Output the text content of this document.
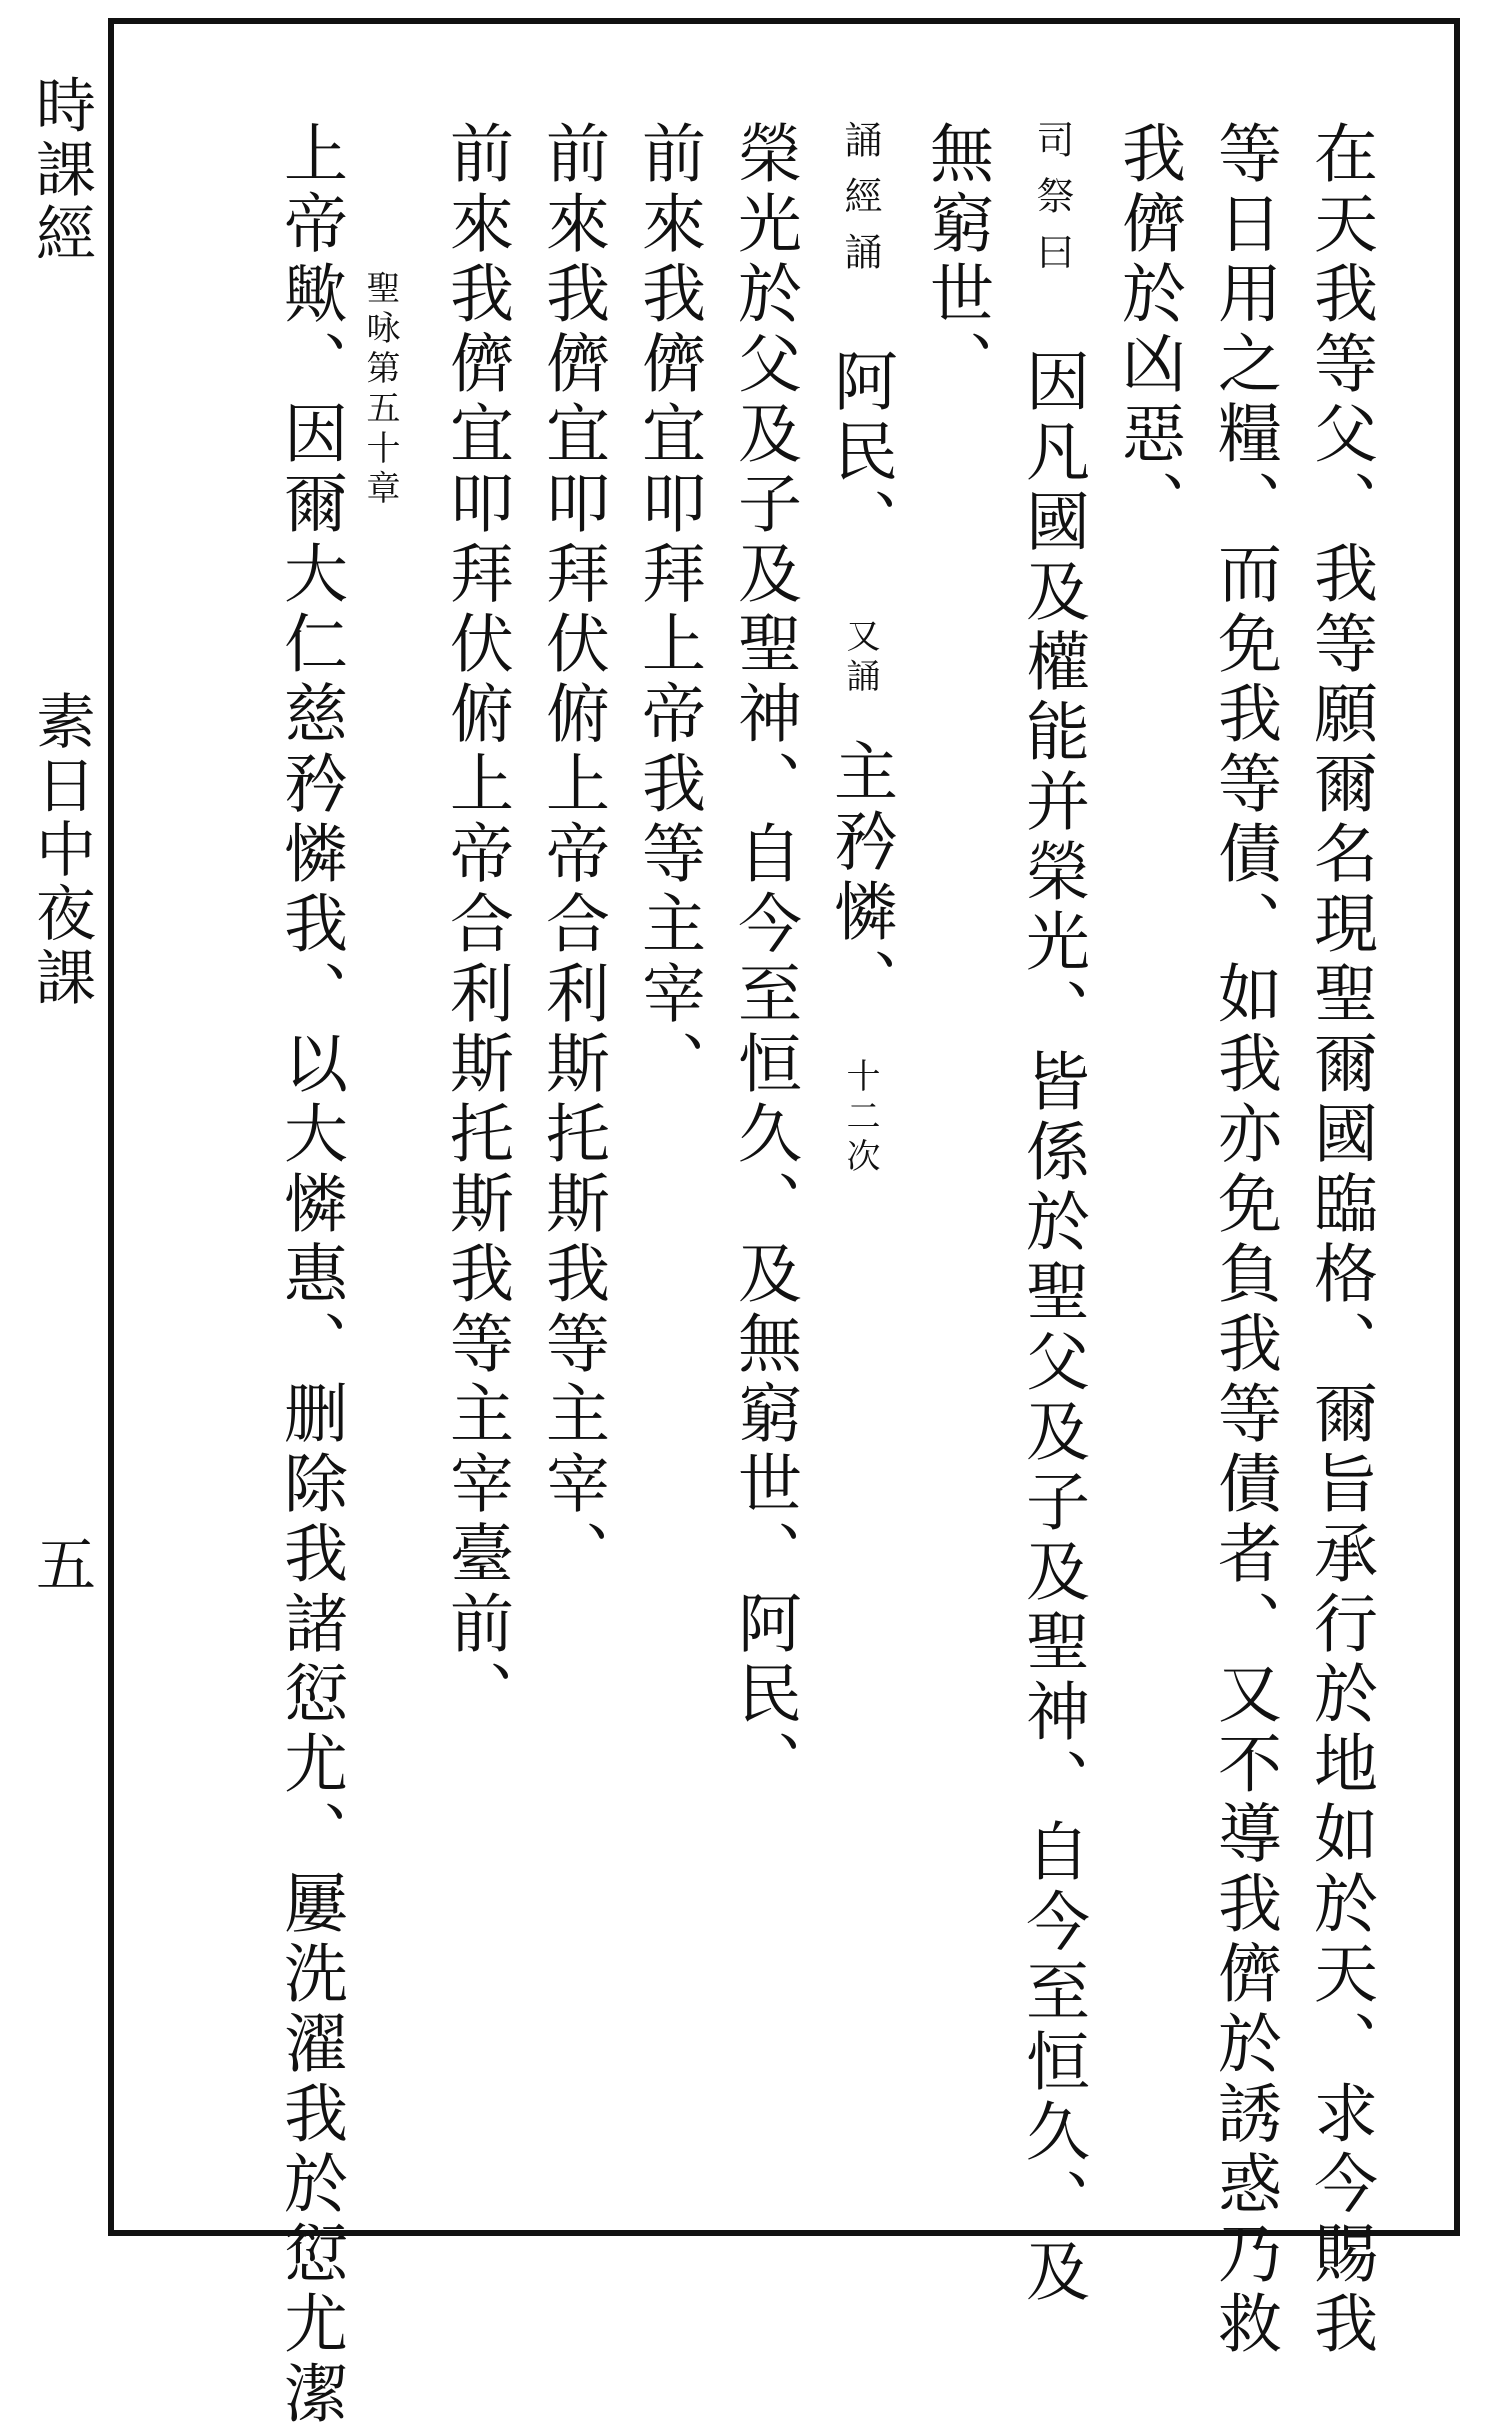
時課經
素日中夜課
五	在天我等父、我等願爾名現聖爾國臨格、爾旨承行於地如於天、求今賜我
等日用之糧、而免我等債、如我亦免負我等債者、又不導我儕於誘惑乃救
我儕於凶惡、
司祭曰因凡國及權能并榮光、皆係於聖父及子及聖神、自今至恒久、及
無窮世、
誦經誦阿民、又誦主矜憐、十二次
榮光於父及子及聖神、自今至恒久、及無窮世、阿民、
前來我儕宜叩拜上帝我等主宰、
前來我儕宜叩拜伏俯上帝合利斯托斯我等主宰、
前來我儕宜叩拜伏俯上帝合利斯托斯我等主宰臺前、
聖咏第五十章
上帝歟、因爾大仁慈矜憐我、以大憐惠、删除我諸愆尤、屢洗濯我於愆尤潔
